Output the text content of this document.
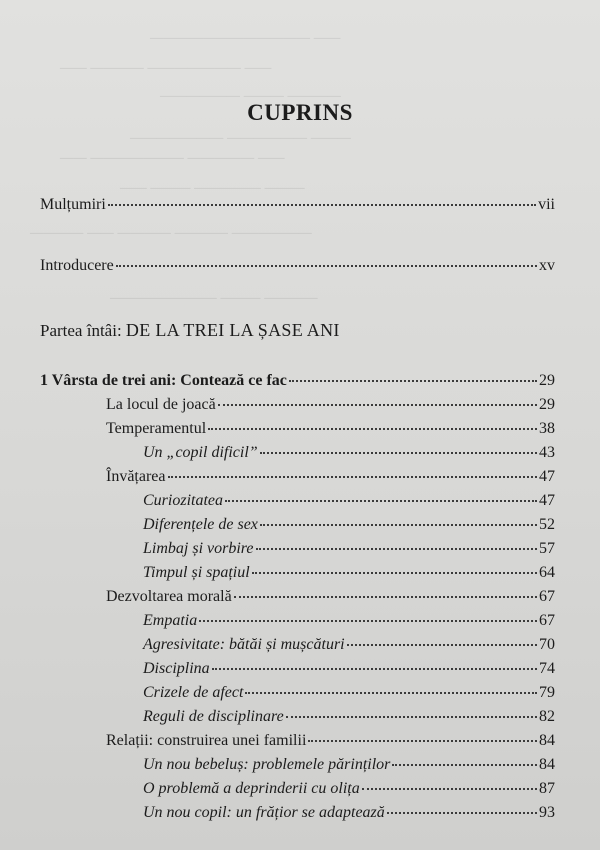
———————————— ——
—— ———— ——————— ——
—————— ——— ————
——————— —————— ———
—— ——————— ————— ——
—— ——— ————— ———
———— —— ———— ———— ——————
———————— ——— ————
CUPRINS
Mulțumiri	vii
Introducere	xv
Partea întâi: DE LA TREI LA ȘASE ANI
1 Vârsta de trei ani: Contează ce fac	29
La locul de joacă	29
Temperamentul	38
Un „copil dificil”	43
Învățarea	47
Curiozitatea	47
Diferențele de sex	52
Limbaj și vorbire	57
Timpul și spațiul	64
Dezvoltarea morală	67
Empatia	67
Agresivitate: bătăi și mușcături	70
Disciplina	74
Crizele de afect	79
Reguli de disciplinare	82
Relații: construirea unei familii	84
Un nou bebeluș: problemele părinților	84
O problemă a deprinderii cu olița	87
Un nou copil: un frățior se adaptează	93
